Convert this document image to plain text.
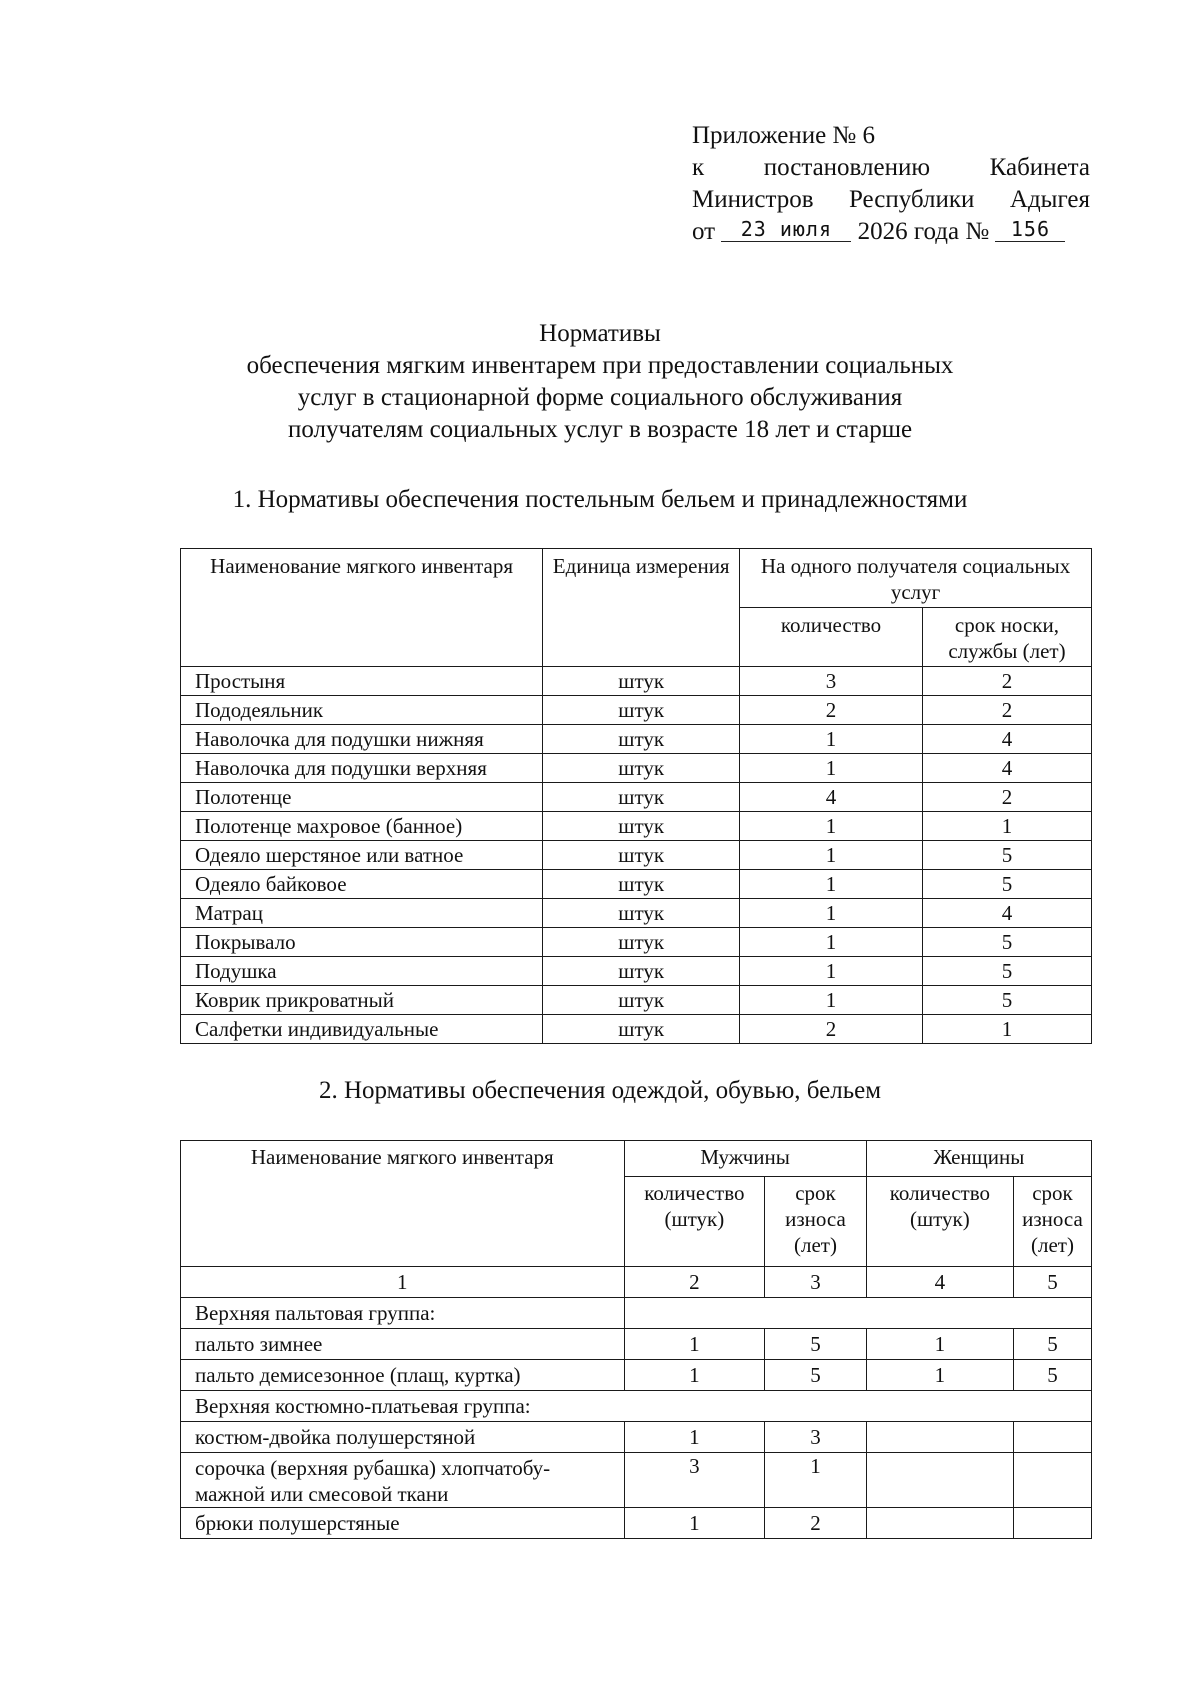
Приложение № 6
к постановлению Кабинета
Министров Республики Адыгея
от 23 июля 2026 года № 156
Нормативы
обеспечения мягким инвентарем при предоставлении социальных
услуг в стационарной форме социального обслуживания
получателям социальных услуг в возрасте 18 лет и старше
1. Нормативы обеспечения постельным бельем и принадлежностями
Наименование мягкого инвентаря	Единица измерения	На одного получателя социальных услуг	
		количество	срок носки, службы (лет)
Простыня	штук	3	2
Пододеяльник	штук	2	2
Наволочка для подушки нижняя	штук	1	4
Наволочка для подушки верхняя	штук	1	4
Полотенце	штук	4	2
Полотенце махровое (банное)	штук	1	1
Одеяло шерстяное или ватное	штук	1	5
Одеяло байковое	штук	1	5
Матрац	штук	1	4
Покрывало	штук	1	5
Подушка	штук	1	5
Коврик прикроватный	штук	1	5
Салфетки индивидуальные	штук	2	1
2. Нормативы обеспечения одеждой, обувью, бельем
Наименование мягкого инвентаря	Мужчины		Женщины	
	количество (штук)	срок износа (лет)	количество (штук)	срок износа (лет)
1	2	3	4	5
Верхняя пальтовая группа:				
пальто зимнее	1	5	1	5
пальто демисезонное (плащ, куртка)	1	5	1	5
Верхняя костюмно-платьевая группа:				
костюм-двойка полушерстяной	1	3		
сорочка (верхняя рубашка) хлопчатобу-мажной или смесовой ткани	3	1		
брюки полушерстяные	1	2		
